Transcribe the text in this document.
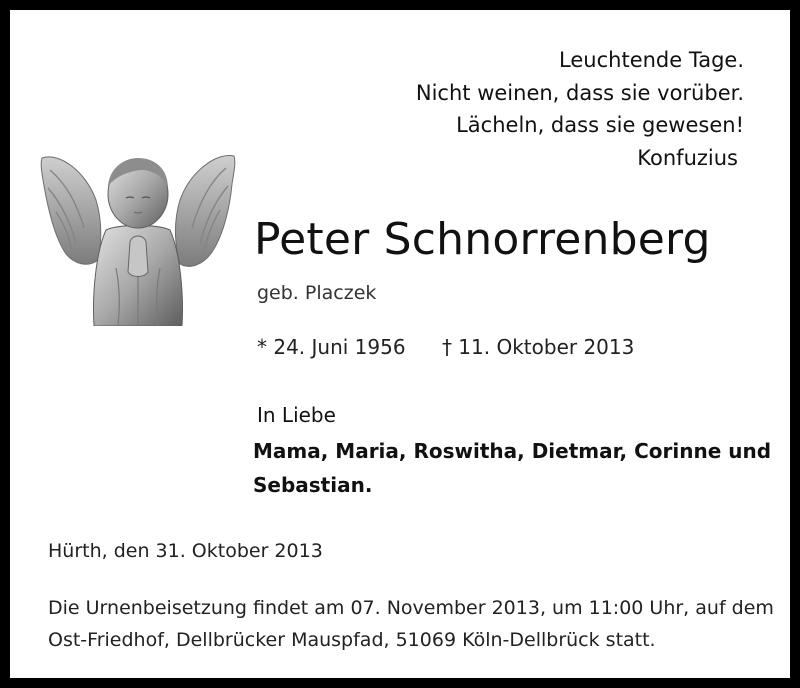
Leuchtende Tage.
Nicht weinen, dass sie vorüber.
Lächeln, dass sie gewesen!
Konfuzius
Peter Schnorrenberg
geb. Placzek
* 24. Juni 1956 † 11. Oktober 2013
In Liebe
Mama, Maria, Roswitha, Dietmar, Corinne und Sebastian.
Hürth, den 31. Oktober 2013
Die Urnenbeisetzung findet am 07. November 2013, um 11:00 Uhr, auf dem Ost-Friedhof, Dellbrücker Mauspfad, 51069 Köln-Dellbrück statt.
